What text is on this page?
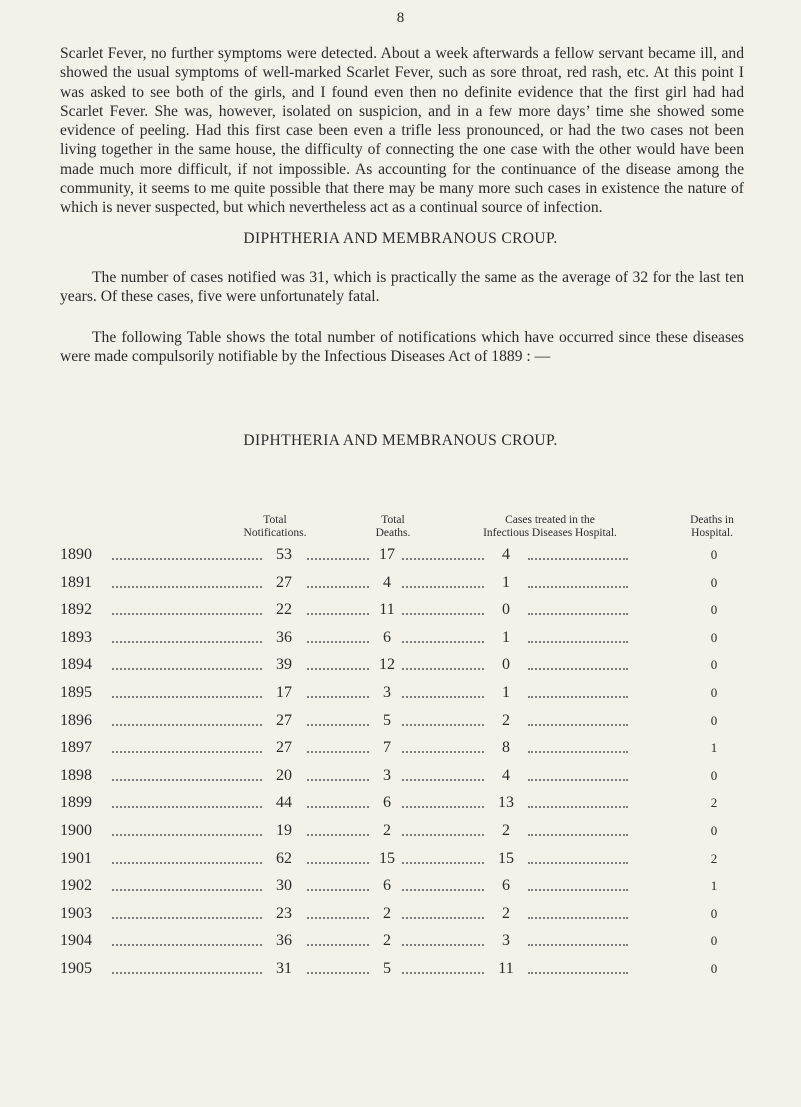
8

Scarlet Fever, no further symptoms were detected. About a week afterwards a fellow servant became ill, and showed the usual symptoms of well-marked Scarlet Fever, such as sore throat, red rash, etc. At this point I was asked to see both of the girls, and I found even then no definite evidence that the first girl had had Scarlet Fever. She was, however, isolated on suspicion, and in a few more days’ time she showed some evidence of peeling. Had this first case been even a trifle less pronounced, or had the two cases not been living together in the same house, the difficulty of connecting the one case with the other would have been made much more difficult, if not impossible. As accounting for the continuance of the disease among the community, it seems to me quite possible that there may be many more such cases in existence the nature of which is never suspected, but which nevertheless act as a continual source of infection.

DIPHTHERIA AND MEMBRANOUS CROUP.

The number of cases notified was 31, which is practically the same as the average of 32 for the last ten years. Of these cases, five were unfortunately fatal.

The following Table shows the total number of notifications which have occurred since these diseases were made compulsorily notifiable by the Infectious Diseases Act of 1889 : —

DIPHTHERIA AND MEMBRANOUS CROUP.
Total
Notifications.
Total
Deaths.
Cases treated in the
Infectious Diseases Hospital.
Deaths in
Hospital.
1890	53	17	4	0
1891	27	4	1	0
1892	22	11	0	0
1893	36	6	1	0
1894	39	12	0	0
1895	17	3	1	0
1896	27	5	2	0
1897	27	7	8	1
1898	20	3	4	0
1899	44	6	13	2
1900	19	2	2	0
1901	62	15	15	2
1902	30	6	6	1
1903	23	2	2	0
1904	36	2	3	0
1905	31	5	11	0
